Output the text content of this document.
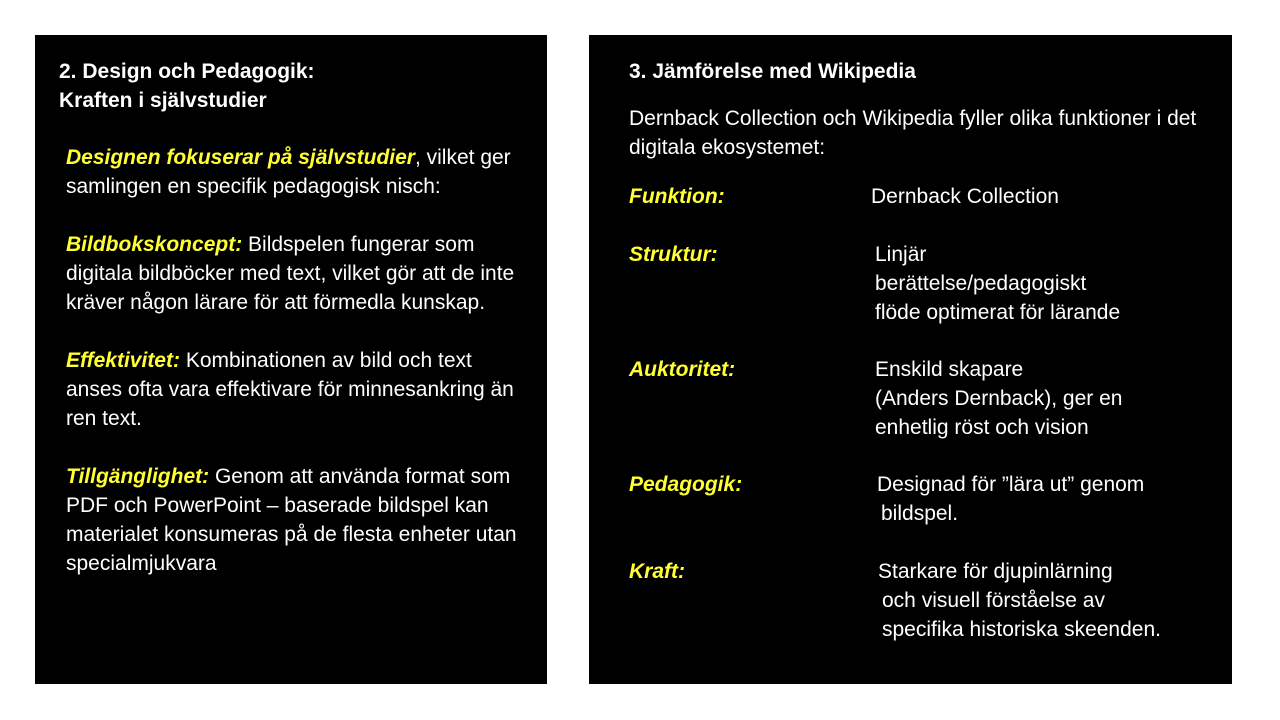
2. Design och Pedagogik:
Kraften i självstudier

Designen fokuserar på självstudier, vilket ger samlingen en specifik pedagogisk nisch:

Bildbokskoncept: Bildspelen fungerar som digitala bildböcker med text, vilket gör att de inte kräver någon lärare för att förmedla kunskap.

Effektivitet: Kombinationen av bild och text anses ofta vara effektivare för minnesankring än ren text.

Tillgänglighet: Genom att använda format som PDF och PowerPoint – baserade bildspel kan materialet konsumeras på de flesta enheter utan specialmjukvara

3. Jämförelse med Wikipedia

Dernback Collection och Wikipedia fyller olika funktioner i det digitala ekosystemet:

Funktion:	Dernback Collection
Struktur:	Linjär
berättelse/pedagogiskt
flöde optimerat för lärande
Auktoritet:	Enskild skapare
(Anders Dernback), ger en
enhetlig röst och vision
Pedagogik:	Designad för ”lära ut” genom
bildspel.
Kraft:	Starkare för djupinlärning
och visuell förståelse av
specifika historiska skeenden.
